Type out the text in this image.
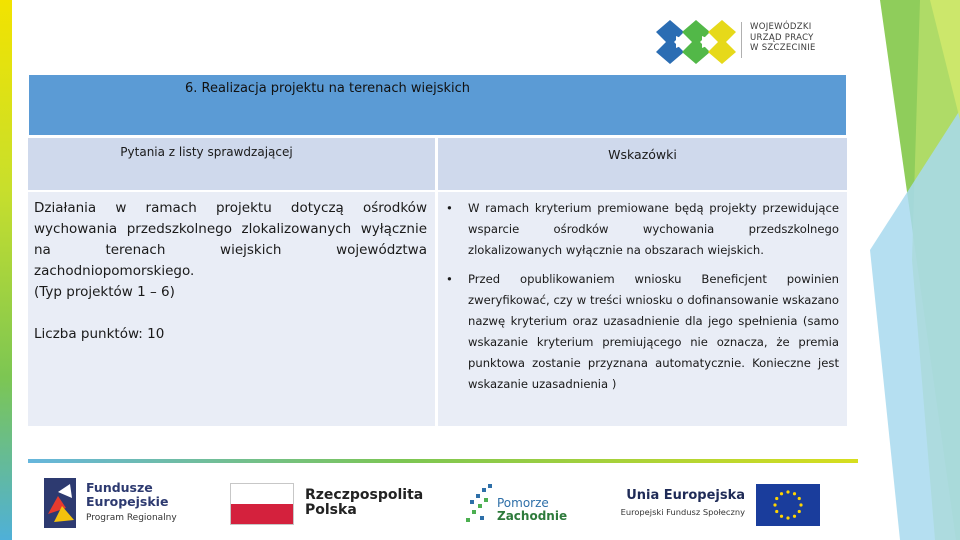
WOJEWÓDZKI
URZĄD PRACY
W SZCZECINIE
6. Realizacja projektu na terenach wiejskich
Pytania z listy sprawdzającej	Wskazówki
Działania w ramach projektu dotyczą ośrodków wychowania przedszkolnego zlokalizowanych wyłącznie na terenach wiejskich województwa zachodniopomorskiego.
(Typ projektów 1 – 6)
Liczba punktów: 10
• W ramach kryterium premiowane będą projekty przewidujące wsparcie ośrodków wychowania przedszkolnego zlokalizowanych wyłącznie na obszarach wiejskich.
• Przed opublikowaniem wniosku Beneficjent powinien zweryfikować, czy w treści wniosku o dofinansowanie wskazano nazwę kryterium oraz uzasadnienie dla jego spełnienia (samo wskazanie kryterium premiującego nie oznacza, że premia punktowa zostanie przyznana automatycznie. Konieczne jest wskazanie uzasadnienia )
Fundusze
Europejskie
Program Regionalny
Rzeczpospolita
Polska	Pomorze
Zachodnie
Unia Europejska
Europejski Fundusz Społeczny
